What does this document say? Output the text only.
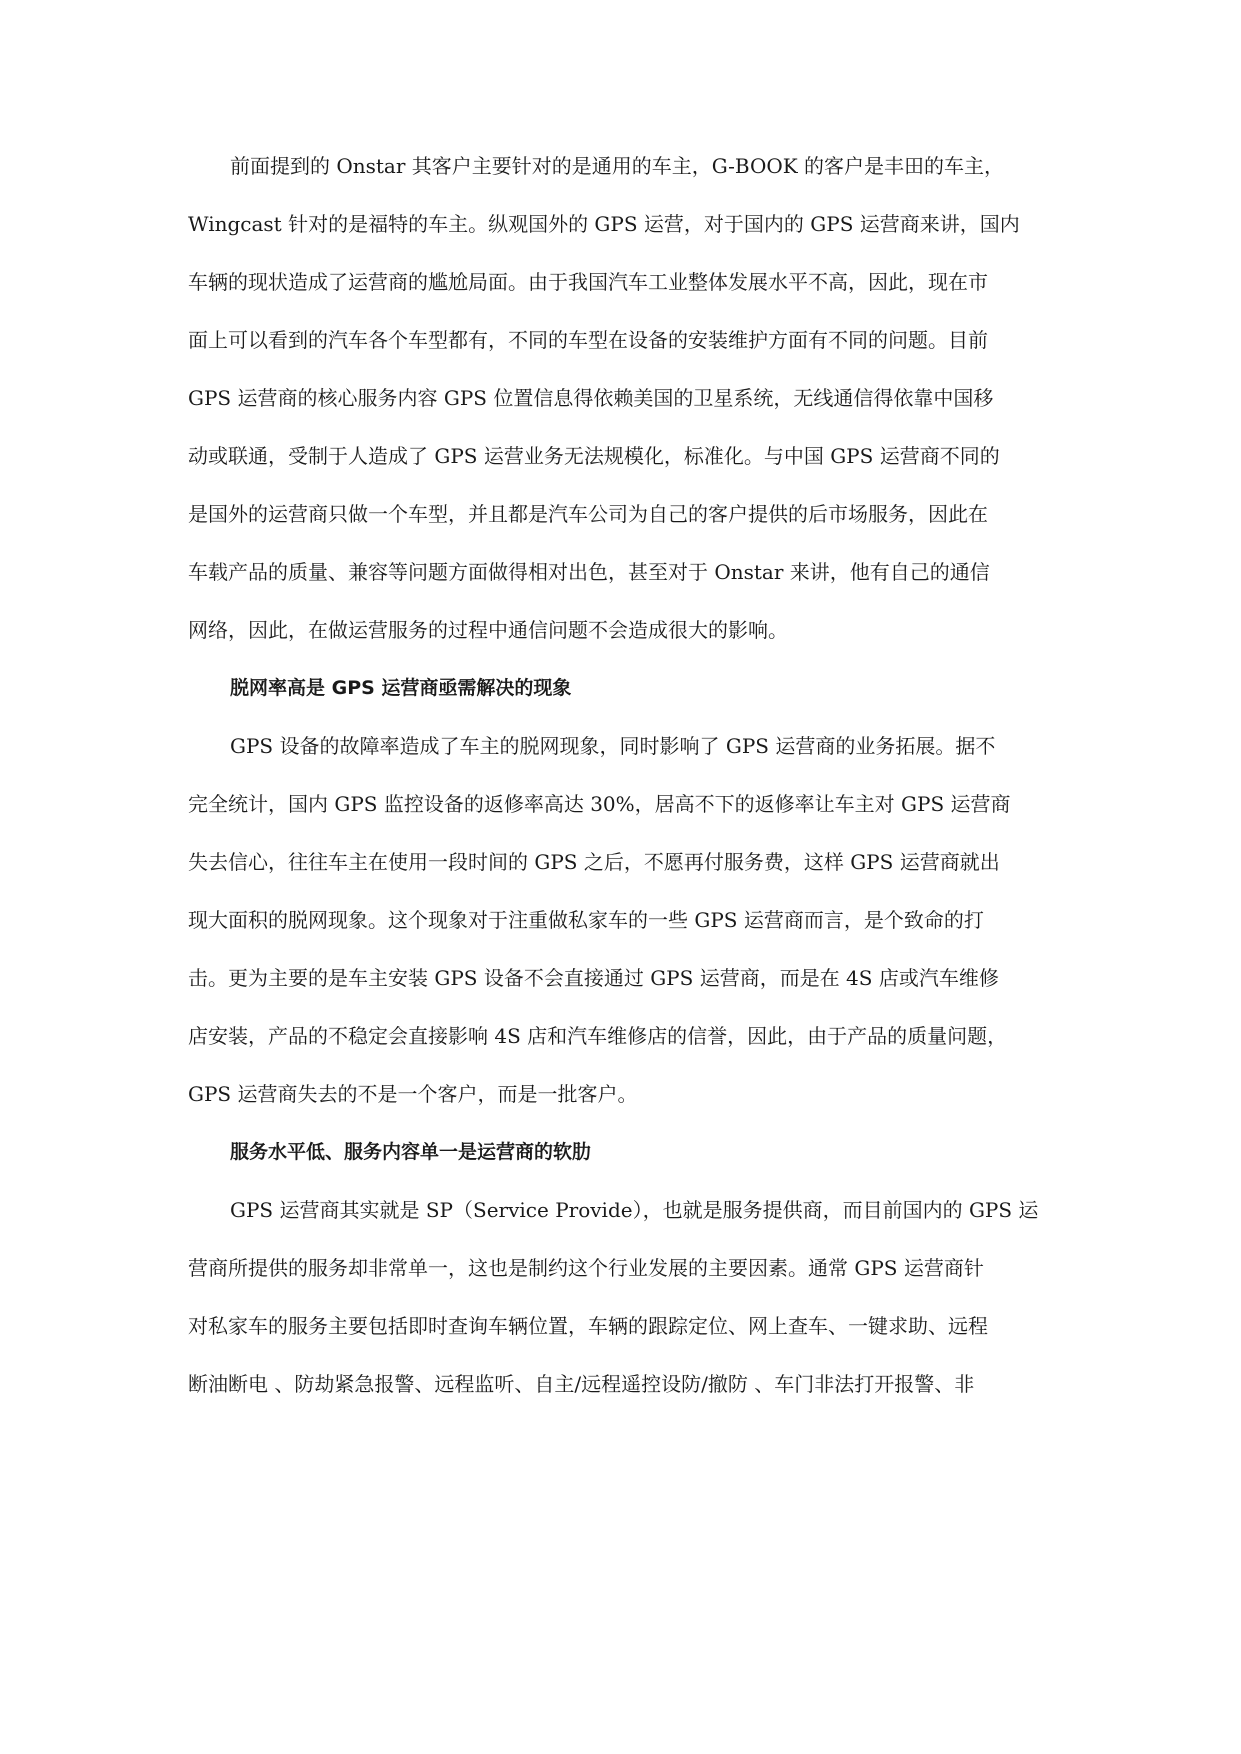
前面提到的 Onstar 其客户主要针对的是通用的车主，G-BOOK 的客户是丰田的车主，
Wingcast 针对的是福特的车主。纵观国外的 GPS 运营，对于国内的 GPS 运营商来讲，国内
车辆的现状造成了运营商的尴尬局面。由于我国汽车工业整体发展水平不高，因此，现在市
面上可以看到的汽车各个车型都有，不同的车型在设备的安装维护方面有不同的问题。目前
GPS 运营商的核心服务内容 GPS 位置信息得依赖美国的卫星系统，无线通信得依靠中国移
动或联通，受制于人造成了 GPS 运营业务无法规模化，标准化。与中国 GPS 运营商不同的
是国外的运营商只做一个车型，并且都是汽车公司为自己的客户提供的后市场服务，因此在
车载产品的质量、兼容等问题方面做得相对出色，甚至对于 Onstar 来讲，他有自己的通信
网络，因此，在做运营服务的过程中通信问题不会造成很大的影响。
脱网率高是 GPS 运营商亟需解决的现象
GPS 设备的故障率造成了车主的脱网现象，同时影响了 GPS 运营商的业务拓展。据不
完全统计，国内 GPS 监控设备的返修率高达 30%，居高不下的返修率让车主对 GPS 运营商
失去信心，往往车主在使用一段时间的 GPS 之后，不愿再付服务费，这样 GPS 运营商就出
现大面积的脱网现象。这个现象对于注重做私家车的一些 GPS 运营商而言，是个致命的打
击。更为主要的是车主安装 GPS 设备不会直接通过 GPS 运营商，而是在 4S 店或汽车维修
店安装，产品的不稳定会直接影响 4S 店和汽车维修店的信誉，因此，由于产品的质量问题，
GPS 运营商失去的不是一个客户，而是一批客户。
服务水平低、服务内容单一是运营商的软肋
GPS 运营商其实就是 SP（Service Provide），也就是服务提供商，而目前国内的 GPS 运
营商所提供的服务却非常单一，这也是制约这个行业发展的主要因素。通常 GPS 运营商针
对私家车的服务主要包括即时查询车辆位置，车辆的跟踪定位、网上查车、一键求助、远程
断油断电 、防劫紧急报警、远程监听、自主/远程遥控设防/撤防 、车门非法打开报警、非
